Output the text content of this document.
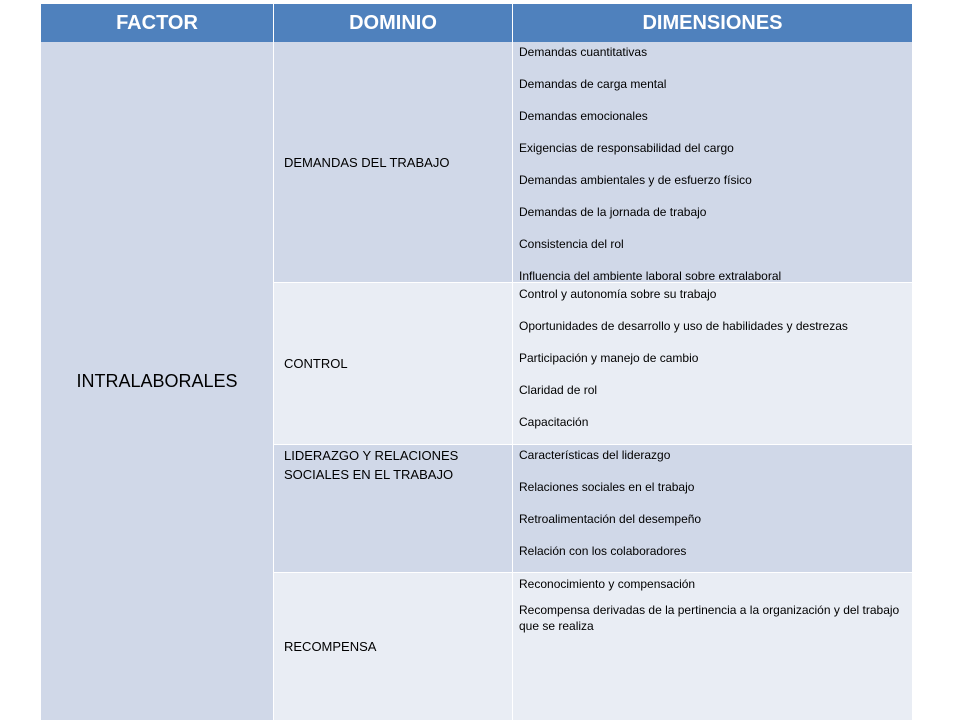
FACTOR	DOMINIO	DIMENSIONES
INTRALABORALES
DEMANDAS DEL TRABAJO
Demandas cuantitativas
Demandas de carga mental
Demandas emocionales
Exigencias de responsabilidad del cargo
Demandas ambientales y de esfuerzo físico
Demandas de la jornada de trabajo
Consistencia del rol
Influencia del ambiente laboral sobre extralaboral
CONTROL
Control y autonomía sobre su trabajo
Oportunidades de desarrollo y uso de habilidades y destrezas
Participación y manejo de cambio
Claridad de rol
Capacitación
LIDERAZGO Y RELACIONES SOCIALES EN EL TRABAJO
Características del liderazgo
Relaciones sociales en el trabajo
Retroalimentación del desempeño
Relación con los colaboradores
RECOMPENSA
Reconocimiento y compensación
Recompensa derivadas de la pertinencia a la organización y del trabajo que se realiza
